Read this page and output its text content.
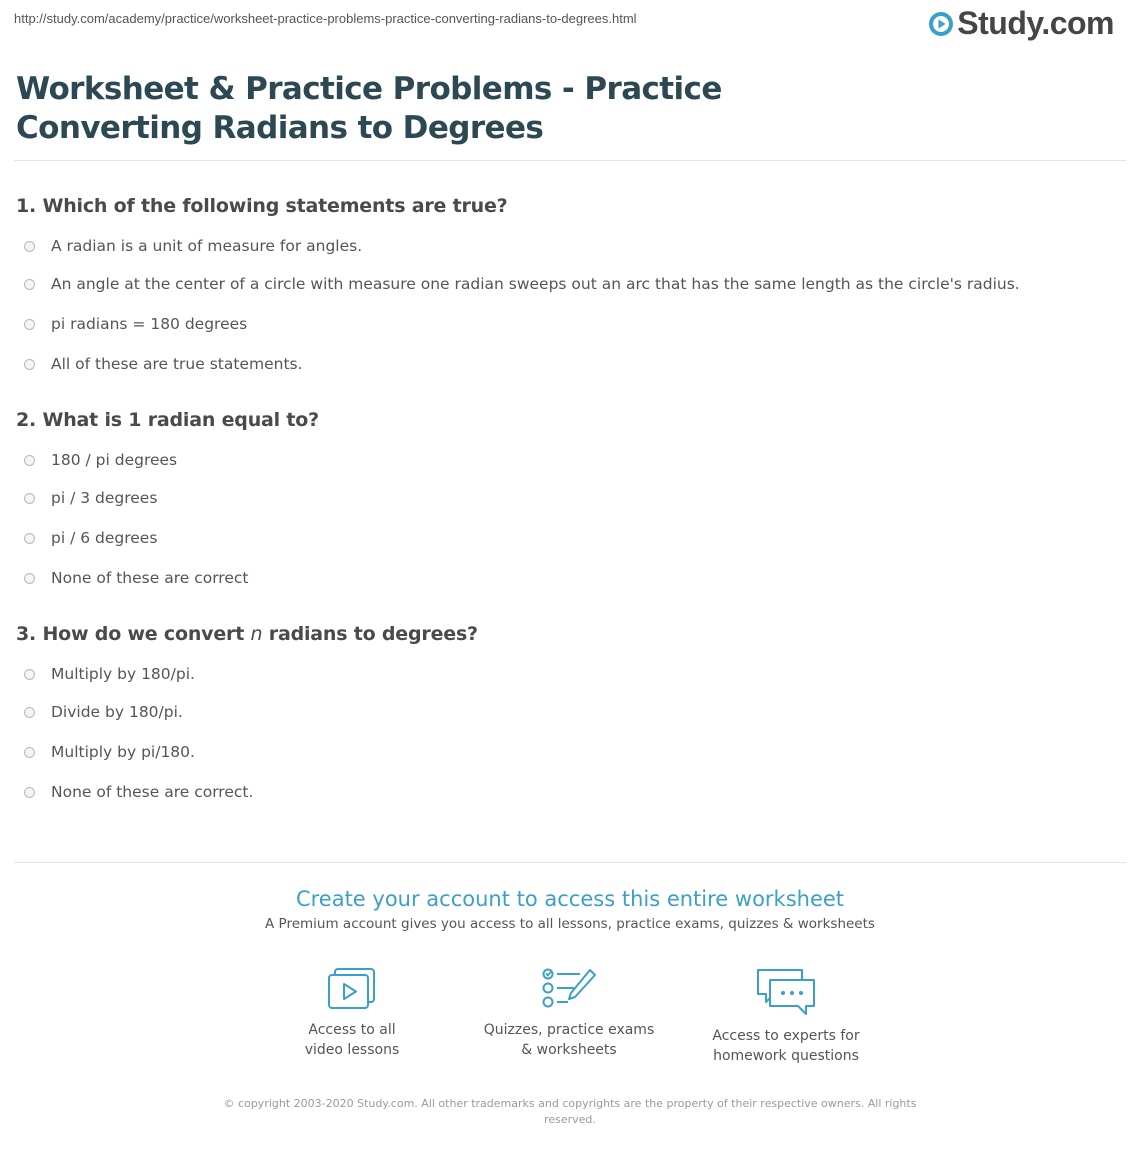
http://study.com/academy/practice/worksheet-practice-problems-practice-converting-radians-to-degrees.html	Study.com
Worksheet & Practice Problems - Practice Converting Radians to Degrees
1. Which of the following statements are true?
A radian is a unit of measure for angles.
An angle at the center of a circle with measure one radian sweeps out an arc that has the same length as the circle's radius.
pi radians = 180 degrees
All of these are true statements.
2. What is 1 radian equal to?
180 / pi degrees
pi / 3 degrees
pi / 6 degrees
None of these are correct
3. How do we convert n radians to degrees?
Multiply by 180/pi.
Divide by 180/pi.
Multiply by pi/180.
None of these are correct.

Create your account to access this entire worksheet

A Premium account gives you access to all lessons, practice exams, quizzes & worksheets

Access to all
video lessons
Quizzes, practice exams
& worksheets
Access to experts for
homework questions
© copyright 2003-2020 Study.com. All other trademarks and copyrights are the property of their respective owners. All rights reserved.
